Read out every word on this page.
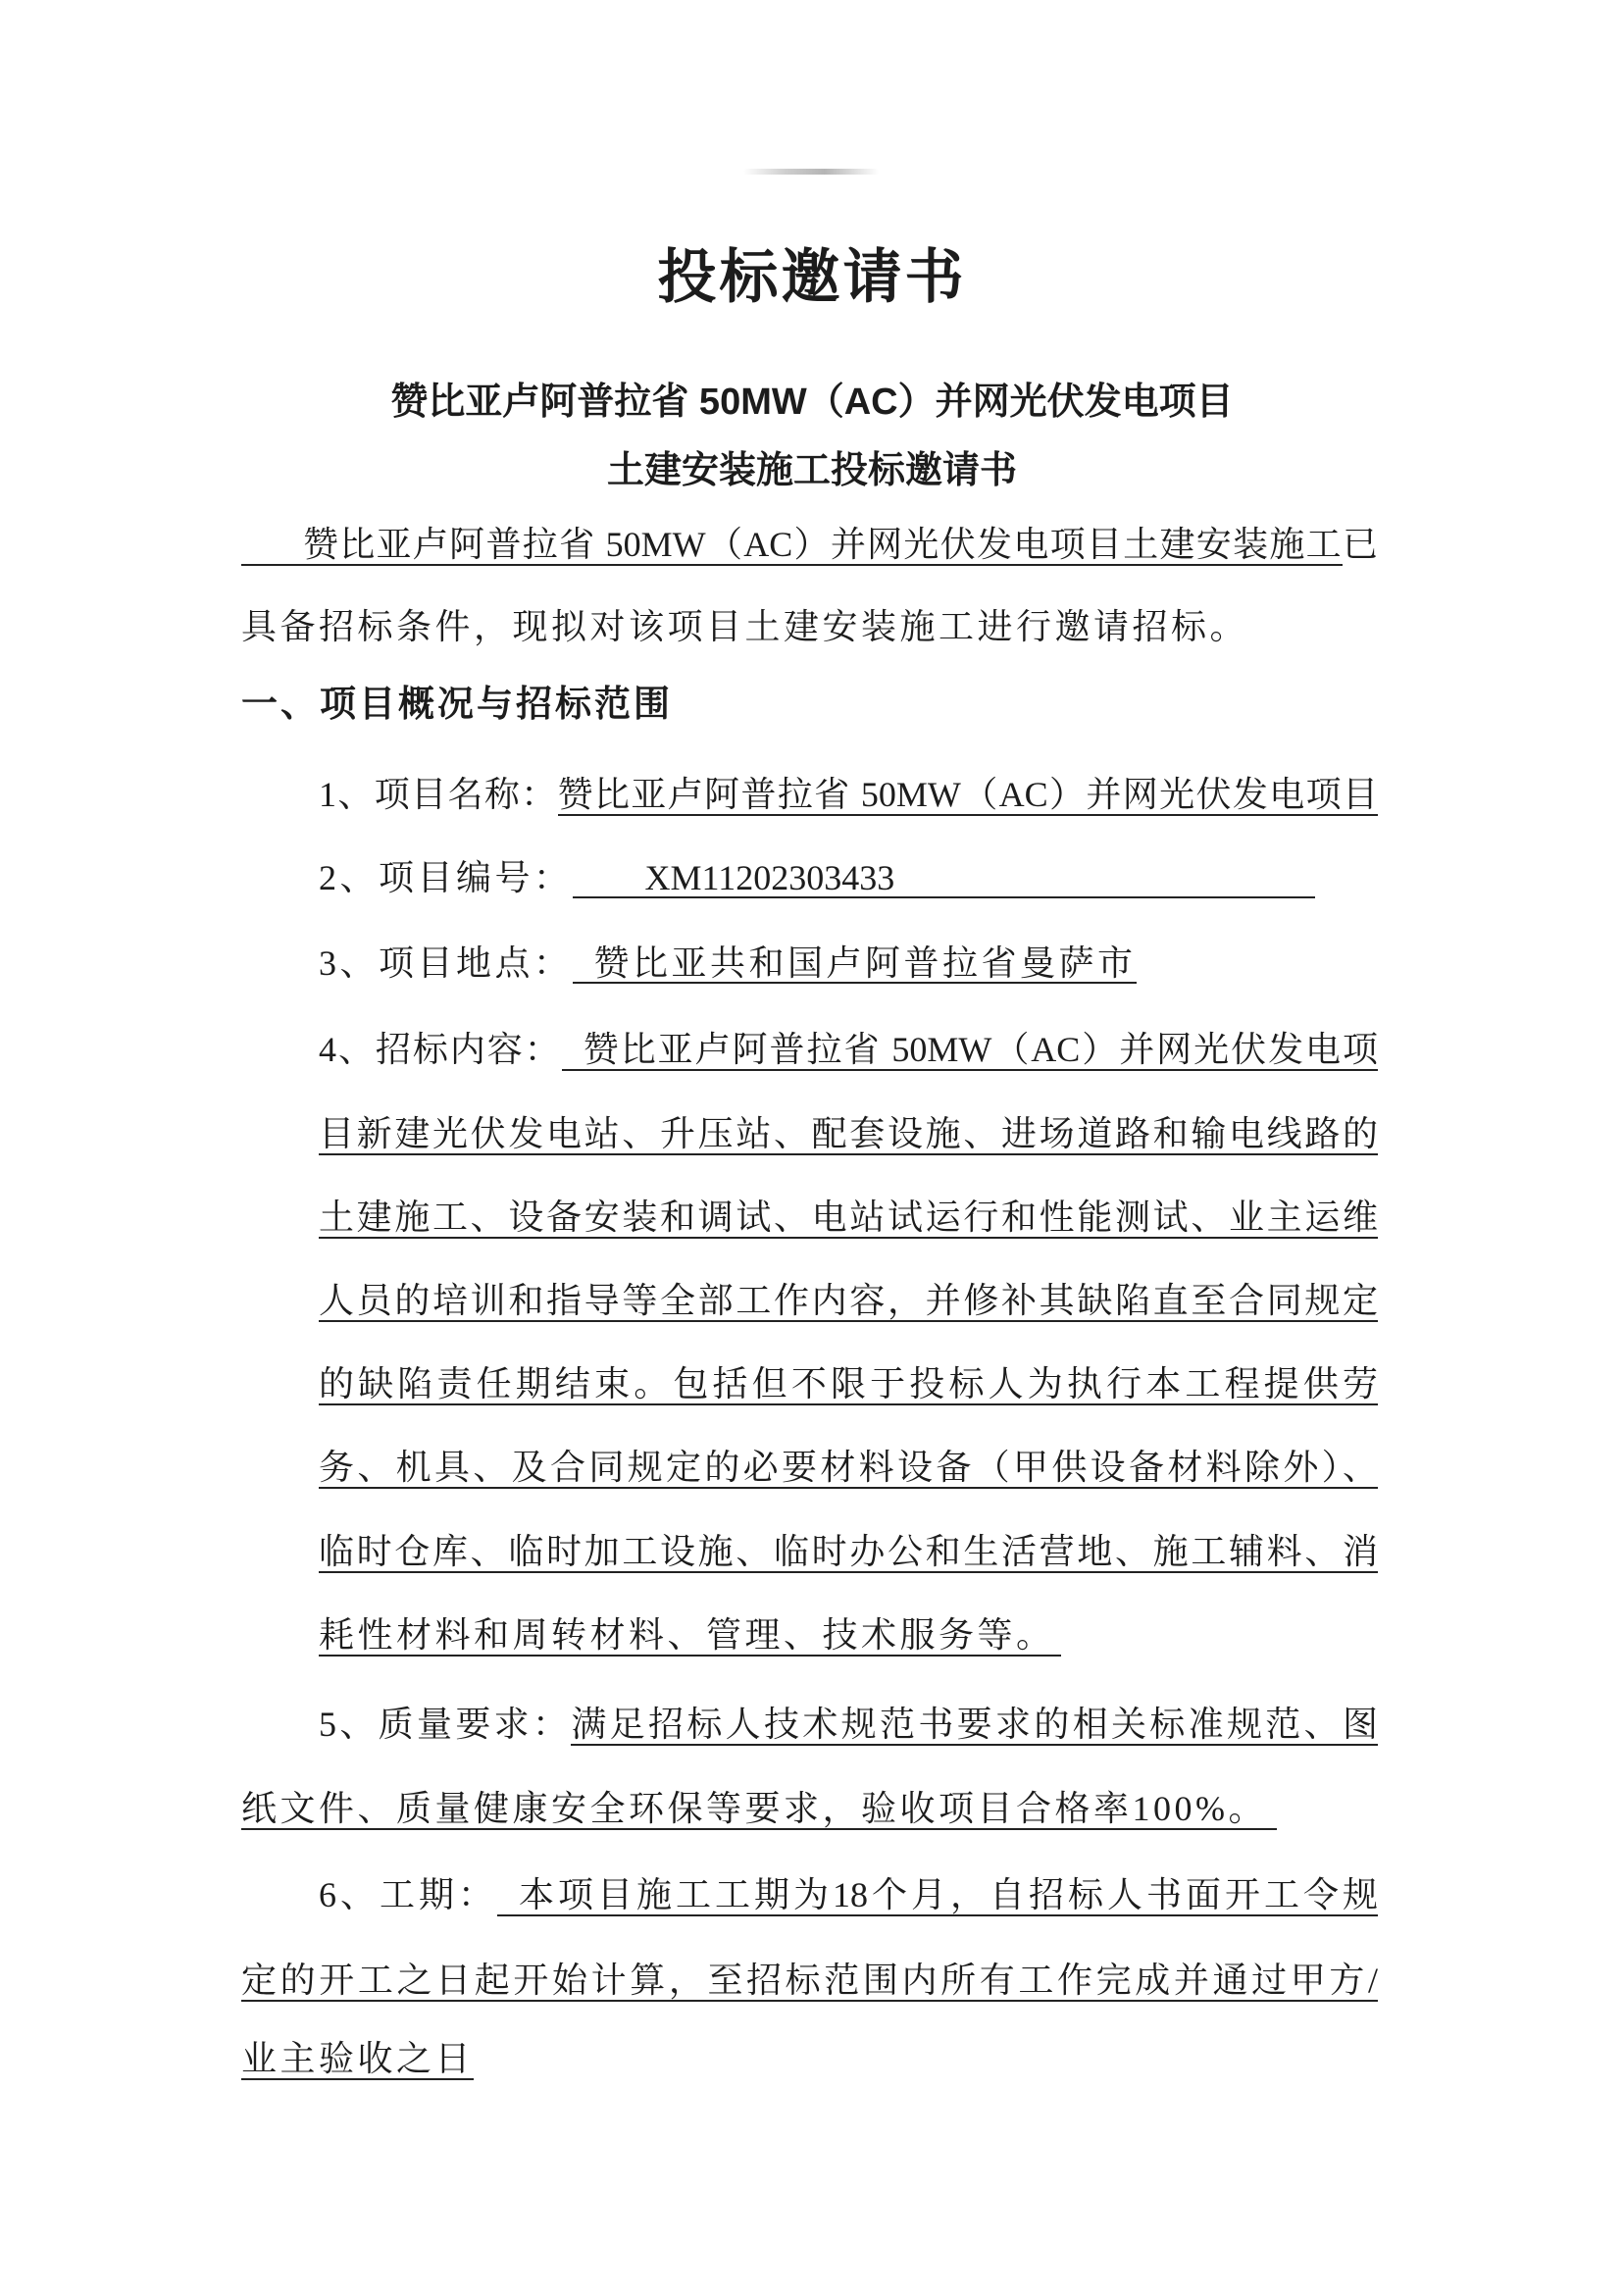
投标邀请书
赞比亚卢阿普拉省 50MW（AC）并网光伏发电项目
土建安装施工投标邀请书
赞比亚卢阿普拉省 50MW（AC）并网光伏发电项目土建安装施工已
具备招标条件，现拟对该项目土建安装施工进行邀请招标。
一、项目概况与招标范围
1、项目名称：赞比亚卢阿普拉省 50MW（AC）并网光伏发电项目
2、项目编号： XM11202303433
3、项目地点： 赞比亚共和国卢阿普拉省曼萨市
4、招标内容： 赞比亚卢阿普拉省 50MW（AC）并网光伏发电项
目新建光伏发电站、升压站、配套设施、进场道路和输电线路的
土建施工、设备安装和调试、电站试运行和性能测试、业主运维
人员的培训和指导等全部工作内容，并修补其缺陷直至合同规定
的缺陷责任期结束。包括但不限于投标人为执行本工程提供劳
务、机具、及合同规定的必要材料设备（甲供设备材料除外）、
临时仓库、临时加工设施、临时办公和生活营地、施工辅料、消
耗性材料和周转材料、管理、技术服务等。
5、质量要求：满足招标人技术规范书要求的相关标准规范、图
纸文件、质量健康安全环保等要求，验收项目合格率100%。
6、工期： 本项目施工工期为18个月，自招标人书面开工令规
定的开工之日起开始计算，至招标范围内所有工作完成并通过甲方/
业主验收之日
